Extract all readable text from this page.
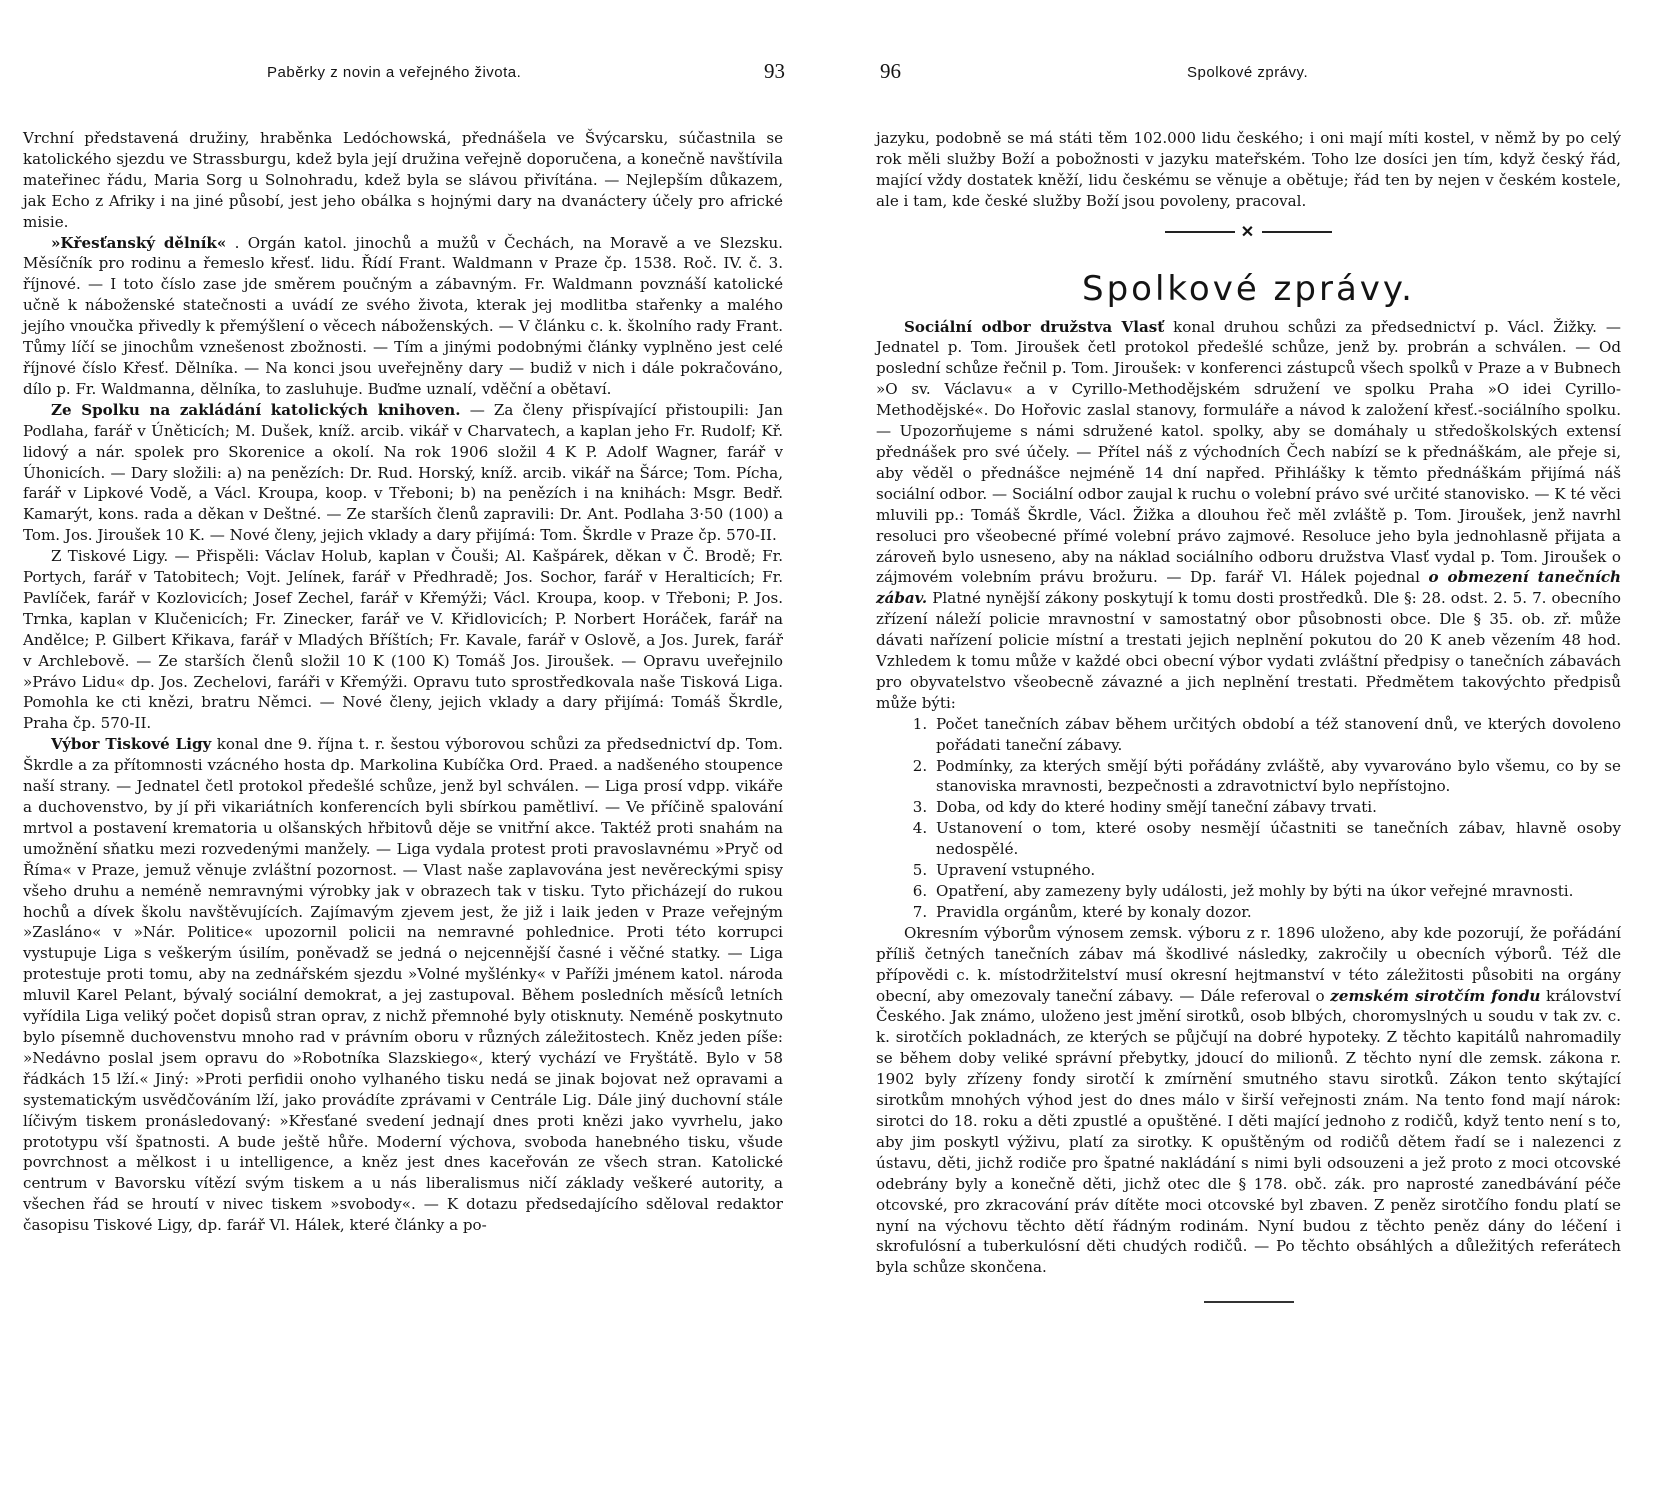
Paběrky z novin a veřejného života.	93

Vrchní představená družiny, hraběnka Ledóchowská, přednášela ve Švýcarsku, súčastnila se katolického sjezdu ve Strassburgu, kdež byla její družina veřejně doporučena, a konečně navštívila mateřinec řádu, Maria Sorg u Solnohradu, kdež byla se slávou přivítána. — Nejlepším důkazem, jak Echo z Afriky i na jiné působí, jest jeho obálka s hojnými dary na dvanáctery účely pro africké misie.

»Křesťanský dělník« . Orgán katol. jinochů a mužů v Čechách, na Moravě a ve Slezsku. Měsíčník pro rodinu a řemeslo křesť. lidu. Řídí Frant. Waldmann v Praze čp. 1538. Roč. IV. č. 3. říjnové. — I toto číslo zase jde směrem poučným a zábavným. Fr. Waldmann povznáší katolické učně k náboženské statečnosti a uvádí ze svého života, kterak jej modlitba stařenky a malého jejího vnoučka přivedly k přemýšlení o věcech náboženských. — V článku c. k. školního rady Frant. Tůmy líčí se jinochům vznešenost zbožnosti. — Tím a jinými podobnými články vyplněno jest celé říjnové číslo Křesť. Dělníka. — Na konci jsou uveřejněny dary — budiž v nich i dále pokračováno, dílo p. Fr. Waldmanna, dělníka, to zasluhuje. Buďme uznalí, vděční a obětaví.

Ze Spolku na zakládání katolických knihoven. — Za členy přispívající přistoupili: Jan Podlaha, farář v Úněticích; M. Dušek, kníž. arcib. vikář v Charvatech, a kaplan jeho Fr. Rudolf; Kř. lidový a nár. spolek pro Skorenice a okolí. Na rok 1906 složil 4 K P. Adolf Wagner, farář v Úhonicích. — Dary složili: a) na penězích: Dr. Rud. Horský, kníž. arcib. vikář na Šárce; Tom. Pícha, farář v Lipkové Vodě, a Václ. Kroupa, koop. v Třeboni; b) na penězích i na knihách: Msgr. Bedř. Kamarýt, kons. rada a děkan v Deštné. — Ze starších členů zapravili: Dr. Ant. Podlaha 3·50 (100) a Tom. Jos. Jiroušek 10 K. — Nové členy, jejich vklady a dary přijímá: Tom. Škrdle v Praze čp. 570-II.

Z Tiskové Ligy. — Přispěli: Václav Holub, kaplan v Čouši; Al. Kašpárek, děkan v Č. Brodě; Fr. Portych, farář v Tatobitech; Vojt. Jelínek, farář v Předhradě; Jos. Sochor, farář v Heralticích; Fr. Pavlíček, farář v Kozlovicích; Josef Zechel, farář v Křemýži; Václ. Kroupa, koop. v Třeboni; P. Jos. Trnka, kaplan v Klučenicích; Fr. Zinecker, farář ve V. Křidlovicích; P. Norbert Horáček, farář na Andělce; P. Gilbert Křikava, farář v Mladých Bříštích; Fr. Kavale, farář v Oslově, a Jos. Jurek, farář v Archlebově. — Ze starších členů složil 10 K (100 K) Tomáš Jos. Jiroušek. — Opravu uveřejnilo »Právo Lidu« dp. Jos. Zechelovi, faráři v Křemýži. Opravu tuto sprostředkovala naše Tisková Liga. Pomohla ke cti knězi, bratru Němci. — Nové členy, jejich vklady a dary přijímá: Tomáš Škrdle, Praha čp. 570-II.

Výbor Tiskové Ligy konal dne 9. října t. r. šestou výborovou schůzi za předsednictví dp. Tom. Škrdle a za přítomnosti vzácného hosta dp. Markolina Kubíčka Ord. Praed. a nadšeného stoupence naší strany. — Jednatel četl protokol předešlé schůze, jenž byl schválen. — Liga prosí vdpp. vikáře a duchovenstvo, by jí při vikariátních konferencích byli sbírkou pamětliví. — Ve příčině spalování mrtvol a postavení krematoria u olšanských hřbitovů děje se vnitřní akce. Taktéž proti snahám na umožnění sňatku mezi rozvedenými manžely. — Liga vydala protest proti pravoslavnému »Pryč od Říma« v Praze, jemuž věnuje zvláštní pozornost. — Vlast naše zaplavována jest nevěreckými spisy všeho druhu a neméně nemravnými výrobky jak v obrazech tak v tisku. Tyto přicházejí do rukou hochů a dívek školu navštěvujících. Zajímavým zjevem jest, že již i laik jeden v Praze veřejným »Zasláno« v »Nár. Politice« upozornil policii na nemravné pohlednice. Proti této korrupci vystupuje Liga s veškerým úsilím, poněvadž se jedná o nejcennější časné i věčné statky. — Liga protestuje proti tomu, aby na zednářském sjezdu »Volné myšlénky« v Paříži jménem katol. národa mluvil Karel Pelant, bývalý sociální demokrat, a jej zastupoval. Během posledních měsíců letních vyřídila Liga veliký počet dopisů stran oprav, z nichž přemnohé byly otisknuty. Neméně poskytnuto bylo písemně duchovenstvu mnoho rad v právním oboru v různých záležitostech. Kněz jeden píše: »Nedávno poslal jsem opravu do »Robotníka Slazskiego«, který vychází ve Fryštátě. Bylo v 58 řádkách 15 lží.« Jiný: »Proti perfidii onoho vylhaného tisku nedá se jinak bojovat než opravami a systematickým usvědčováním lží, jako provádíte zprávami v Centrále Lig. Dále jiný duchovní stále líčivým tiskem pronásledovaný: »Křesťané svedení jednají dnes proti knězi jako vyvrhelu, jako prototypu vší špatnosti. A bude ještě hůře. Moderní výchova, svoboda hanebného tisku, všude povrchnost a mělkost i u intelligence, a kněz jest dnes kaceřován ze všech stran. Katolické centrum v Bavorsku vítězí svým tiskem a u nás liberalismus ničí základy veškeré autority, a všechen řád se hroutí v nivec tiskem »svobody«. — K dotazu předsedajícího sděloval redaktor časopisu Tiskové Ligy, dp. farář Vl. Hálek, které články a po-

96	Spolkové zprávy.

jazyku, podobně se má státi těm 102.000 lidu českého; i oni mají míti kostel, v němž by po celý rok měli služby Boží a pobožnosti v jazyku mateřském. Toho lze dosíci jen tím, když český řád, mající vždy dostatek kněží, lidu českému se věnuje a obětuje; řád ten by nejen v českém kostele, ale i tam, kde české služby Boží jsou povoleny, pracoval.

✕
Spolkové zprávy.

Sociální odbor družstva Vlasť konal druhou schůzi za předsednictví p. Václ. Žižky. — Jednatel p. Tom. Jiroušek četl protokol předešlé schůze, jenž by. probrán a schválen. — Od poslední schůze řečnil p. Tom. Jiroušek: v konferenci zástupců všech spolků v Praze a v Bubnech »O sv. Václavu« a v Cyrillo-Methodějském sdružení ve spolku Praha »O idei Cyrillo-Methodějské«. Do Hořovic zaslal stanovy, formuláře a návod k založení křesť.-sociálního spolku. — Upozorňujeme s námi sdružené katol. spolky, aby se domáhaly u středoškolských extensí přednášek pro své účely. — Přítel náš z východních Čech nabízí se k přednáškám, ale přeje si, aby věděl o přednášce nejméně 14 dní napřed. Přihlášky k těmto přednáškám přijímá náš sociální odbor. — Sociální odbor zaujal k ruchu o volební právo své určité stanovisko. — K té věci mluvili pp.: Tomáš Škrdle, Václ. Žižka a dlouhou řeč měl zvláště p. Tom. Jiroušek, jenž navrhl resoluci pro všeobecné přímé volební právo zajmové. Resoluce jeho byla jednohlasně přijata a zároveň bylo usneseno, aby na náklad sociálního odboru družstva Vlasť vydal p. Tom. Jiroušek o zájmovém volebním právu brožuru. — Dp. farář Vl. Hálek pojednal o obmezení tanečních zábav. Platné nynější zákony poskytují k tomu dosti prostředků. Dle §: 28. odst. 2. 5. 7. obecního zřízení náleží policie mravnostní v samostatný obor působnosti obce. Dle § 35. ob. zř. může dávati nařízení policie místní a trestati jejich neplnění pokutou do 20 K aneb vězením 48 hod. Vzhledem k tomu může v každé obci obecní výbor vydati zvláštní předpisy o tanečních zábavách pro obyvatelstvo všeobecně závazné a jich neplnění trestati. Předmětem takovýchto předpisů může býti:

1. Počet tanečních zábav během určitých období a též stanovení dnů, ve kterých dovoleno pořádati taneční zábavy.
2. Podmínky, za kterých smějí býti pořádány zvláště, aby vyvarováno bylo všemu, co by se stanoviska mravnosti, bezpečnosti a zdravotnictví bylo nepřístojno.
3. Doba, od kdy do které hodiny smějí taneční zábavy trvati.
4. Ustanovení o tom, které osoby nesmějí účastniti se tanečních zábav, hlavně osoby nedospělé.
5. Upravení vstupného.
6. Opatření, aby zamezeny byly události, jež mohly by býti na úkor veřejné mravnosti.
7. Pravidla orgánům, které by konaly dozor.

Okresním výborům výnosem zemsk. výboru z r. 1896 uloženo, aby kde pozorují, že pořádání příliš četných tanečních zábav má škodlivé následky, zakročily u obecních výborů. Též dle přípovědi c. k. místodržitelství musí okresní hejtmanství v této záležitosti působiti na orgány obecní, aby omezovaly taneční zábavy. — Dále referoval o zemském sirotčím fondu království Českého. Jak známo, uloženo jest jmění sirotků, osob blbých, choromyslných u soudu v tak zv. c. k. sirotčích pokladnách, ze kterých se půjčují na dobré hypoteky. Z těchto kapitálů nahromadily se během doby veliké správní přebytky, jdoucí do milionů. Z těchto nyní dle zemsk. zákona r. 1902 byly zřízeny fondy sirotčí k zmírnění smutného stavu sirotků. Zákon tento skýtající sirotkům mnohých výhod jest do dnes málo v širší veřejnosti znám. Na tento fond mají nárok: sirotci do 18. roku a děti zpustlé a opuštěné. I děti mající jednoho z rodičů, když tento není s to, aby jim poskytl výživu, platí za sirotky. K opuštěným od rodičů dětem řadí se i nalezenci z ústavu, děti, jichž rodiče pro špatné nakládání s nimi byli odsouzeni a jež proto z moci otcovské odebrány byly a konečně děti, jichž otec dle § 178. obč. zák. pro naprosté zanedbávání péče otcovské, pro zkracování práv dítěte moci otcovské byl zbaven. Z peněz sirotčího fondu platí se nyní na výchovu těchto dětí řádným rodinám. Nyní budou z těchto peněz dány do léčení i skrofulósní a tuberkulósní děti chudých rodičů. — Po těchto obsáhlých a důležitých referátech byla schůze skončena.
